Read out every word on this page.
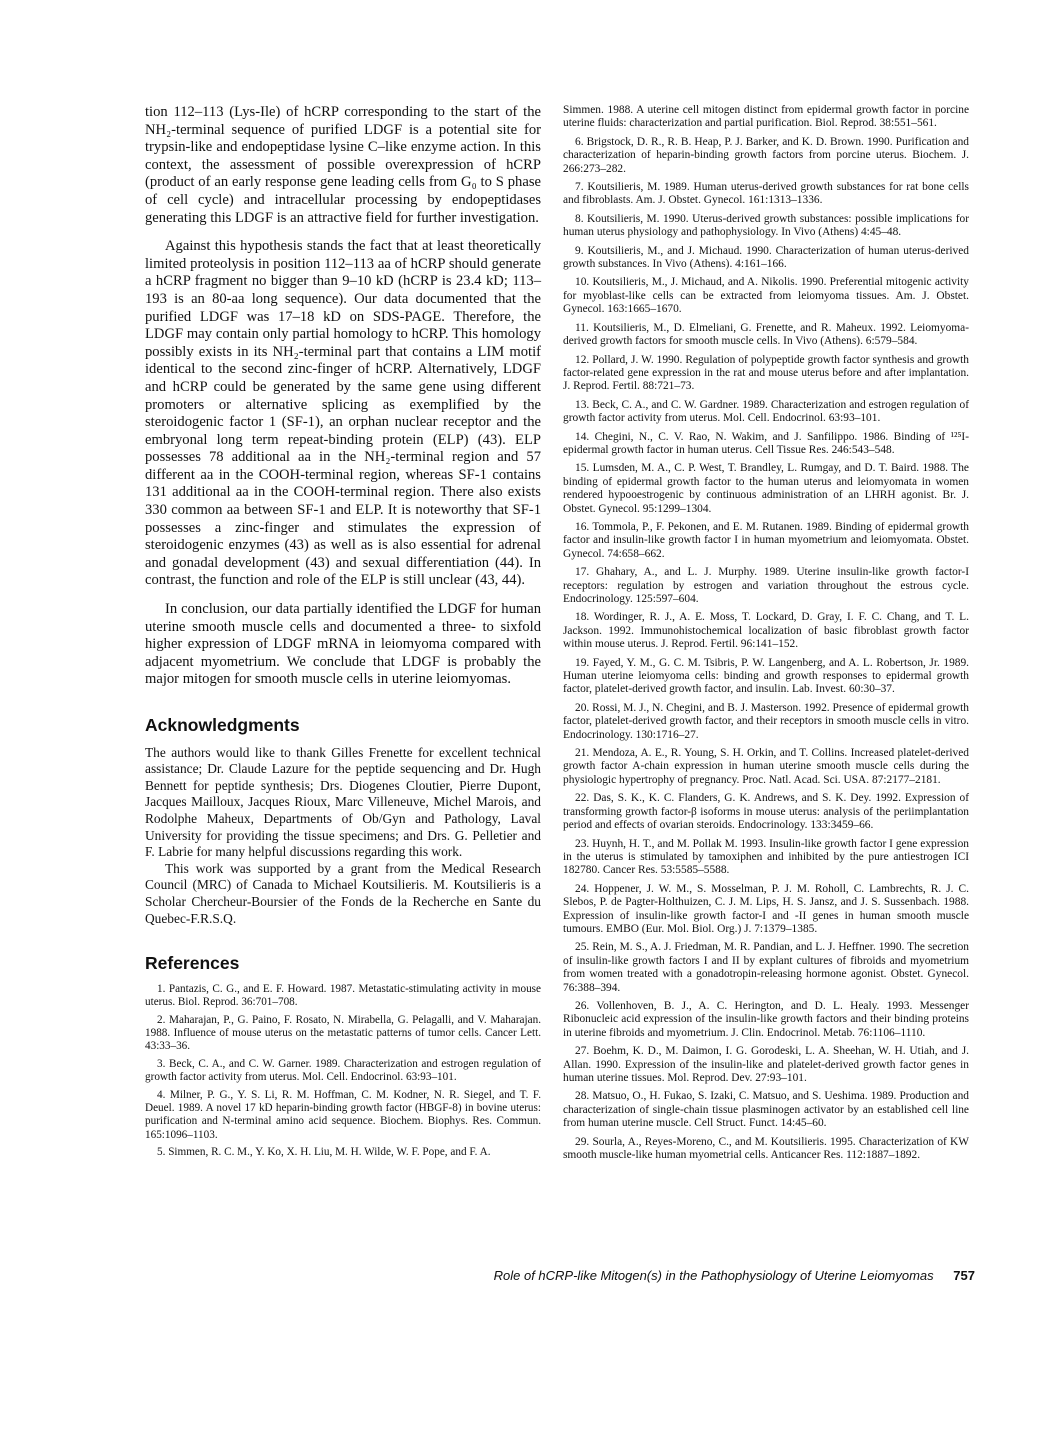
tion 112–113 (Lys-Ile) of hCRP corresponding to the start of the NH₂-terminal sequence of purified LDGF is a potential site for trypsin-like and endopeptidase lysine C–like enzyme action. In this context, the assessment of possible overexpression of hCRP (product of an early response gene leading cells from G₀ to S phase of cell cycle) and intracellular processing by endopeptidases generating this LDGF is an attractive field for further investigation.

Against this hypothesis stands the fact that at least theoretically limited proteolysis in position 112–113 aa of hCRP should generate a hCRP fragment no bigger than 9–10 kD (hCRP is 23.4 kD; 113–193 is an 80-aa long sequence). Our data documented that the purified LDGF was 17–18 kD on SDS-PAGE. Therefore, the LDGF may contain only partial homology to hCRP. This homology possibly exists in its NH₂-terminal part that contains a LIM motif identical to the second zinc-finger of hCRP. Alternatively, LDGF and hCRP could be generated by the same gene using different promoters or alternative splicing as exemplified by the steroidogenic factor 1 (SF-1), an orphan nuclear receptor and the embryonal long term repeat-binding protein (ELP) (43). ELP possesses 78 additional aa in the NH₂-terminal region and 57 different aa in the COOH-terminal region, whereas SF-1 contains 131 additional aa in the COOH-terminal region. There also exists 330 common aa between SF-1 and ELP. It is noteworthy that SF-1 possesses a zinc-finger and stimulates the expression of steroidogenic enzymes (43) as well as is also essential for adrenal and gonadal development (43) and sexual differentiation (44). In contrast, the function and role of the ELP is still unclear (43, 44).

In conclusion, our data partially identified the LDGF for human uterine smooth muscle cells and documented a three- to sixfold higher expression of LDGF mRNA in leiomyoma compared with adjacent myometrium. We conclude that LDGF is probably the major mitogen for smooth muscle cells in uterine leiomyomas.

Acknowledgments

The authors would like to thank Gilles Frenette for excellent technical assistance; Dr. Claude Lazure for the peptide sequencing and Dr. Hugh Bennett for peptide synthesis; Drs. Diogenes Cloutier, Pierre Dupont, Jacques Mailloux, Jacques Rioux, Marc Villeneuve, Michel Marois, and Rodolphe Maheux, Departments of Ob/Gyn and Pathology, Laval University for providing the tissue specimens; and Drs. G. Pelletier and F. Labrie for many helpful discussions regarding this work.

This work was supported by a grant from the Medical Research Council (MRC) of Canada to Michael Koutsilieris. M. Koutsilieris is a Scholar Chercheur-Boursier of the Fonds de la Recherche en Sante du Quebec-F.R.S.Q.

References
1. Pantazis, C. G., and E. F. Howard. 1987. Metastatic-stimulating activity in mouse uterus. Biol. Reprod. 36:701–708.
2. Maharajan, P., G. Paino, F. Rosato, N. Mirabella, G. Pelagalli, and V. Maharajan. 1988. Influence of mouse uterus on the metastatic patterns of tumor cells. Cancer Lett. 43:33–36.
3. Beck, C. A., and C. W. Garner. 1989. Characterization and estrogen regulation of growth factor activity from uterus. Mol. Cell. Endocrinol. 63:93–101.
4. Milner, P. G., Y. S. Li, R. M. Hoffman, C. M. Kodner, N. R. Siegel, and T. F. Deuel. 1989. A novel 17 kD heparin-binding growth factor (HBGF-8) in bovine uterus: purification and N-terminal amino acid sequence. Biochem. Biophys. Res. Commun. 165:1096–1103.
5. Simmen, R. C. M., Y. Ko, X. H. Liu, M. H. Wilde, W. F. Pope, and F. A.
Simmen. 1988. A uterine cell mitogen distinct from epidermal growth factor in porcine uterine fluids: characterization and partial purification. Biol. Reprod. 38:551–561.
6. Brigstock, D. R., R. B. Heap, P. J. Barker, and K. D. Brown. 1990. Purification and characterization of heparin-binding growth factors from porcine uterus. Biochem. J. 266:273–282.
7. Koutsilieris, M. 1989. Human uterus-derived growth substances for rat bone cells and fibroblasts. Am. J. Obstet. Gynecol. 161:1313–1336.
8. Koutsilieris, M. 1990. Uterus-derived growth substances: possible implications for human uterus physiology and pathophysiology. In Vivo (Athens) 4:45–48.
9. Koutsilieris, M., and J. Michaud. 1990. Characterization of human uterus-derived growth substances. In Vivo (Athens). 4:161–166.
10. Koutsilieris, M., J. Michaud, and A. Nikolis. 1990. Preferential mitogenic activity for myoblast-like cells can be extracted from leiomyoma tissues. Am. J. Obstet. Gynecol. 163:1665–1670.
11. Koutsilieris, M., D. Elmeliani, G. Frenette, and R. Maheux. 1992. Leiomyoma-derived growth factors for smooth muscle cells. In Vivo (Athens). 6:579–584.
12. Pollard, J. W. 1990. Regulation of polypeptide growth factor synthesis and growth factor-related gene expression in the rat and mouse uterus before and after implantation. J. Reprod. Fertil. 88:721–73.
13. Beck, C. A., and C. W. Gardner. 1989. Characterization and estrogen regulation of growth factor activity from uterus. Mol. Cell. Endocrinol. 63:93–101.
14. Chegini, N., C. V. Rao, N. Wakim, and J. Sanfilippo. 1986. Binding of ¹²⁵I-epidermal growth factor in human uterus. Cell Tissue Res. 246:543–548.
15. Lumsden, M. A., C. P. West, T. Brandley, L. Rumgay, and D. T. Baird. 1988. The binding of epidermal growth factor to the human uterus and leiomyomata in women rendered hypooestrogenic by continuous administration of an LHRH agonist. Br. J. Obstet. Gynecol. 95:1299–1304.
16. Tommola, P., F. Pekonen, and E. M. Rutanen. 1989. Binding of epidermal growth factor and insulin-like growth factor I in human myometrium and leiomyomata. Obstet. Gynecol. 74:658–662.
17. Ghahary, A., and L. J. Murphy. 1989. Uterine insulin-like growth factor-I receptors: regulation by estrogen and variation throughout the estrous cycle. Endocrinology. 125:597–604.
18. Wordinger, R. J., A. E. Moss, T. Lockard, D. Gray, I. F. C. Chang, and T. L. Jackson. 1992. Immunohistochemical localization of basic fibroblast growth factor within mouse uterus. J. Reprod. Fertil. 96:141–152.
19. Fayed, Y. M., G. C. M. Tsibris, P. W. Langenberg, and A. L. Robertson, Jr. 1989. Human uterine leiomyoma cells: binding and growth responses to epidermal growth factor, platelet-derived growth factor, and insulin. Lab. Invest. 60:30–37.
20. Rossi, M. J., N. Chegini, and B. J. Masterson. 1992. Presence of epidermal growth factor, platelet-derived growth factor, and their receptors in smooth muscle cells in vitro. Endocrinology. 130:1716–27.
21. Mendoza, A. E., R. Young, S. H. Orkin, and T. Collins. Increased platelet-derived growth factor A-chain expression in human uterine smooth muscle cells during the physiologic hypertrophy of pregnancy. Proc. Natl. Acad. Sci. USA. 87:2177–2181.
22. Das, S. K., K. C. Flanders, G. K. Andrews, and S. K. Dey. 1992. Expression of transforming growth factor-β isoforms in mouse uterus: analysis of the periimplantation period and effects of ovarian steroids. Endocrinology. 133:3459–66.
23. Huynh, H. T., and M. Pollak M. 1993. Insulin-like growth factor I gene expression in the uterus is stimulated by tamoxiphen and inhibited by the pure antiestrogen ICI 182780. Cancer Res. 53:5585–5588.
24. Hoppener, J. W. M., S. Mosselman, P. J. M. Roholl, C. Lambrechts, R. J. C. Slebos, P. de Pagter-Holthuizen, C. J. M. Lips, H. S. Jansz, and J. S. Sussenbach. 1988. Expression of insulin-like growth factor-I and -II genes in human smooth muscle tumours. EMBO (Eur. Mol. Biol. Org.) J. 7:1379–1385.
25. Rein, M. S., A. J. Friedman, M. R. Pandian, and L. J. Heffner. 1990. The secretion of insulin-like growth factors I and II by explant cultures of fibroids and myometrium from women treated with a gonadotropin-releasing hormone agonist. Obstet. Gynecol. 76:388–394.
26. Vollenhoven, B. J., A. C. Herington, and D. L. Healy. 1993. Messenger Ribonucleic acid expression of the insulin-like growth factors and their binding proteins in uterine fibroids and myometrium. J. Clin. Endocrinol. Metab. 76:1106–1110.
27. Boehm, K. D., M. Daimon, I. G. Gorodeski, L. A. Sheehan, W. H. Utiah, and J. Allan. 1990. Expression of the insulin-like and platelet-derived growth factor genes in human uterine tissues. Mol. Reprod. Dev. 27:93–101.
28. Matsuo, O., H. Fukao, S. Izaki, C. Matsuo, and S. Ueshima. 1989. Production and characterization of single-chain tissue plasminogen activator by an established cell line from human uterine muscle. Cell Struct. Funct. 14:45–60.
29. Sourla, A., Reyes-Moreno, C., and M. Koutsilieris. 1995. Characterization of KW smooth muscle-like human myometrial cells. Anticancer Res. 112:1887–1892.
Role of hCRP-like Mitogen(s) in the Pathophysiology of Uterine Leiomyomas 757
